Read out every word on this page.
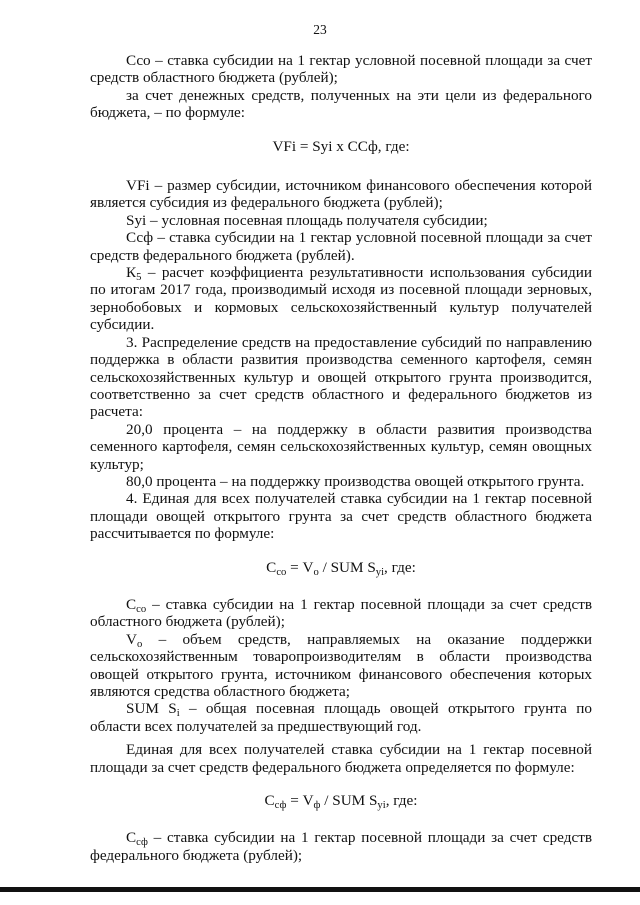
23

Ссо – ставка субсидии на 1 гектар условной посевной площади за счет средств областного бюджета (рублей);

за счет денежных средств, полученных на эти цели из федерального бюджета, – по формуле:

VFi = Syi x ССф, где:

VFi – размер субсидии, источником финансового обеспечения которой является субсидия из федерального бюджета (рублей);

Syi – условная посевная площадь получателя субсидии;

Ссф – ставка субсидии на 1 гектар условной посевной площади за счет средств федерального бюджета (рублей).

$К_5$ – расчет коэффициента результативности использования субсидии по итогам 2017 года, производимый исходя из посевной площади зерновых, зернобобовых и кормовых сельскохозяйственный культур получателей субсидии.

3. Распределение средств на предоставление субсидий по направлению поддержка в области развития производства семенного картофеля, семян сельскохозяйственных культур и овощей открытого грунта производится, соответственно за счет средств областного и федерального бюджетов из расчета:

20,0 процента – на поддержку в области развития производства семенного картофеля, семян сельскохозяйственных культур, семян овощных культур;

80,0 процента – на поддержку производства овощей открытого грунта.

4. Единая для всех получателей ставка субсидии на 1 гектар посевной площади овощей открытого грунта за счет средств областного бюджета рассчитывается по формуле:

$С_{со} = V_о$ / SUM $S_{yi}$, где:

$С_{со}$ – ставка субсидии на 1 гектар посевной площади за счет средств областного бюджета (рублей);

$V_о$ – объем средств, направляемых на оказание поддержки сельскохозяйственным товаропроизводителям в области производства овощей открытого грунта, источником финансового обеспечения которых являются средства областного бюджета;

SUM $S_i$ – общая посевная площадь овощей открытого грунта по области всех получателей за предшествующий год.

Единая для всех получателей ставка субсидии на 1 гектар посевной площади за счет средств федерального бюджета определяется по формуле:

$С_{сф} = V_ф$ / SUM $S_{yi}$, где:

$С_{сф}$ – ставка субсидии на 1 гектар посевной площади за счет средств федерального бюджета (рублей);
